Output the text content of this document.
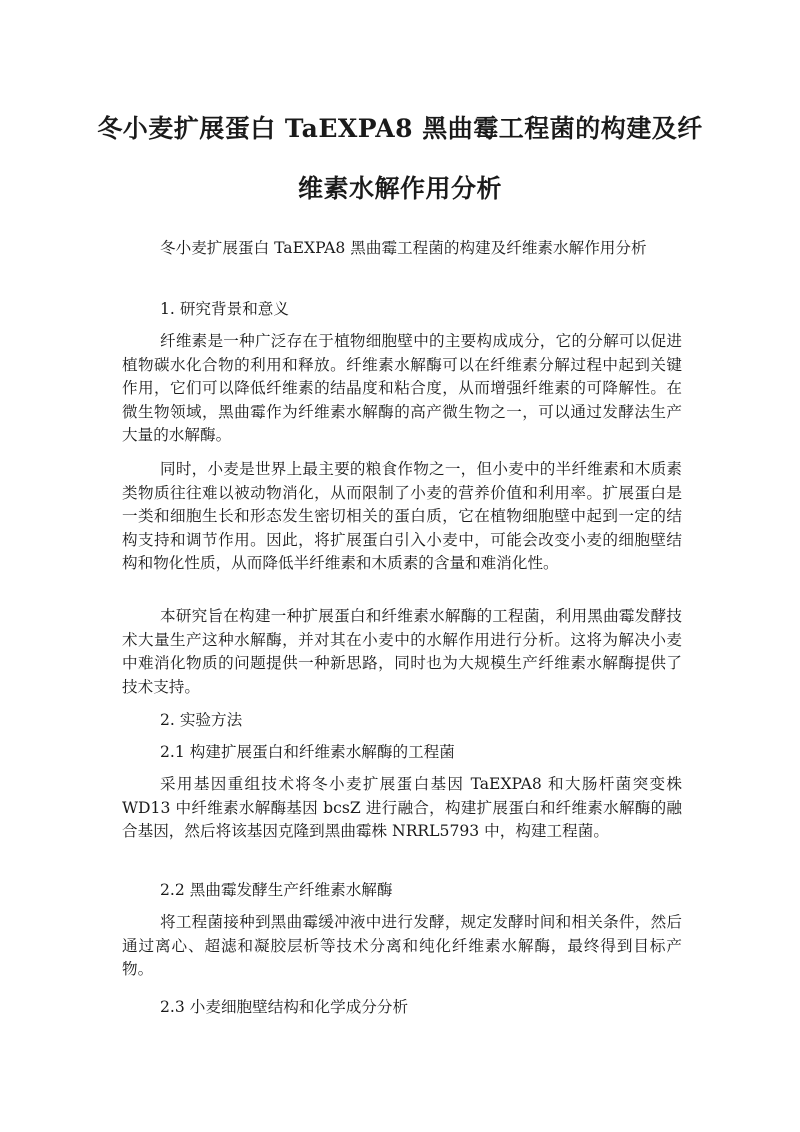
冬小麦扩展蛋白 TaEXPA8 黑曲霉工程菌的构建及纤
维素水解作用分析

冬小麦扩展蛋白 TaEXPA8 黑曲霉工程菌的构建及纤维素水解作用分析

1. 研究背景和意义

纤维素是一种广泛存在于植物细胞壁中的主要构成成分，它的分解可以促进植物碳水化合物的利用和释放。纤维素水解酶可以在纤维素分解过程中起到关键作用，它们可以降低纤维素的结晶度和粘合度，从而增强纤维素的可降解性。在微生物领域，黑曲霉作为纤维素水解酶的高产微生物之一，可以通过发酵法生产大量的水解酶。

同时，小麦是世界上最主要的粮食作物之一，但小麦中的半纤维素和木质素类物质往往难以被动物消化，从而限制了小麦的营养价值和利用率。扩展蛋白是一类和细胞生长和形态发生密切相关的蛋白质，它在植物细胞壁中起到一定的结构支持和调节作用。因此，将扩展蛋白引入小麦中，可能会改变小麦的细胞壁结构和物化性质，从而降低半纤维素和木质素的含量和难消化性。

本研究旨在构建一种扩展蛋白和纤维素水解酶的工程菌，利用黑曲霉发酵技术大量生产这种水解酶，并对其在小麦中的水解作用进行分析。这将为解决小麦中难消化物质的问题提供一种新思路，同时也为大规模生产纤维素水解酶提供了技术支持。

2. 实验方法

2.1 构建扩展蛋白和纤维素水解酶的工程菌

采用基因重组技术将冬小麦扩展蛋白基因 TaEXPA8 和大肠杆菌突变株 WD13 中纤维素水解酶基因 bcsZ 进行融合，构建扩展蛋白和纤维素水解酶的融合基因，然后将该基因克隆到黑曲霉株 NRRL5793 中，构建工程菌。

2.2 黑曲霉发酵生产纤维素水解酶

将工程菌接种到黑曲霉缓冲液中进行发酵，规定发酵时间和相关条件，然后通过离心、超滤和凝胶层析等技术分离和纯化纤维素水解酶，最终得到目标产物。

2.3 小麦细胞壁结构和化学成分分析
